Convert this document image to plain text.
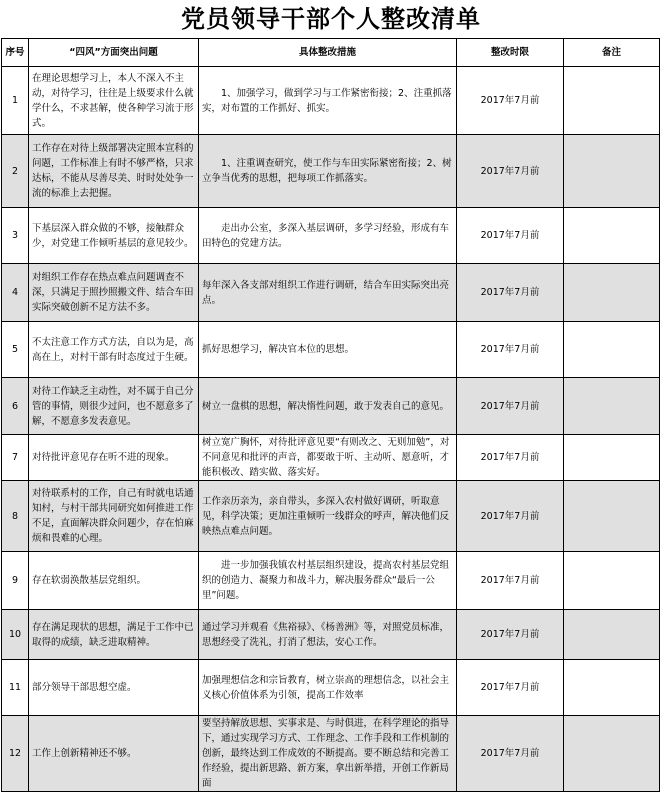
党员领导干部个人整改清单
序号	“四风”方面突出问题	具体整改措施	整改时限	备注
1	在理论思想学习上，本人不深入不主动，对待学习，往往是上级要求什么就学什么，不求甚解，使各种学习流于形式。	　　1、加强学习，做到学习与工作紧密衔接；2、注重抓落实，对布置的工作抓好、抓实。	2017年7月前	
2	工作存在对待上级部署决定照本宣科的问题，工作标准上有时不够严格，只求达标，不能从尽善尽美、时时处处争一流的标准上去把握。	　　1、注重调查研究，使工作与车田实际紧密衔接；2、树立争当优秀的思想，把每项工作抓落实。	2017年7月前	
3	下基层深入群众做的不够，接触群众少，对党建工作倾听基层的意见较少。	　　走出办公室，多深入基层调研，多学习经验，形成有车田特色的党建方法。	2017年7月前	
4	对组织工作存在热点难点问题调查不深，只满足于照抄照搬文件、结合车田实际突破创新不足方法不多。	每年深入各支部对组织工作进行调研，结合车田实际突出亮点。	2017年7月前	
5	不太注意工作方式方法，自以为是，高高在上，对村干部有时态度过于生硬。	抓好思想学习，解决官本位的思想。	2017年7月前	
6	对待工作缺乏主动性，对不属于自己分管的事情，则很少过问，也不愿意多了解，不愿意多发表意见。	树立一盘棋的思想，解决惰性问题，敢于发表自己的意见。	2017年7月前	
7	对待批评意见存在听不进的现象。	树立宽广胸怀，对待批评意见要“有则改之、无则加勉”，对不同意见和批评的声音，都要敢于听、主动听、愿意听，才能积极改、踏实做、落实好。	2017年7月前	
8	对待联系村的工作，自己有时就电话通知村，与村干部共同研究如何推进工作不足，直面解决群众问题少，存在怕麻烦和畏难的心理。	工作亲历亲为，亲自带头，多深入农村做好调研，听取意见，科学决策；更加注重倾听一线群众的呼声，解决他们反映热点难点问题。	2017年7月前	
9	存在软弱涣散基层党组织。	　　进一步加强我镇农村基层组织建设，提高农村基层党组织的创造力、凝聚力和战斗力，解决服务群众“最后一公里”问题。	2017年7月前	
10	存在满足现状的思想，满足于工作中已取得的成绩，缺乏进取精神。	通过学习并观看《焦裕禄》、《杨善洲》等，对照党员标准，思想经受了洗礼，打消了想法，安心工作。	2017年7月前	
11	部分领导干部思想空虚。	加强理想信念和宗旨教育，树立崇高的理想信念，以社会主义核心价值体系为引领，提高工作效率	2017年7月前	
12	工作上创新精神还不够。	要坚持解放思想、实事求是、与时俱进，在科学理论的指导下，通过实现学习方式、工作理念、工作手段和工作机制的创新，最终达到工作成效的不断提高。要不断总结和完善工作经验，提出新思路、新方案，拿出新举措，开创工作新局面	2017年7月前	
